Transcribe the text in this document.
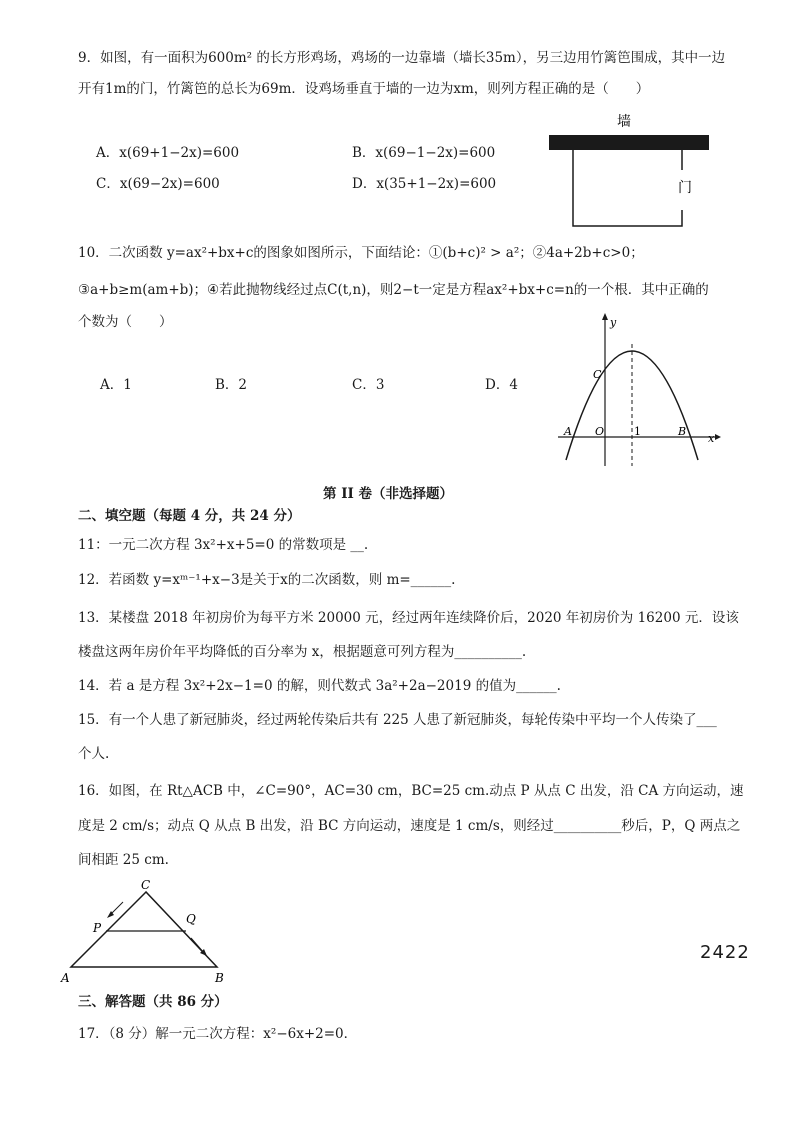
9．如图，有一面积为600m² 的长方形鸡场，鸡场的一边靠墙（墙长35m），另三边用竹篱笆围成，其中一边
开有1m的门，竹篱笆的总长为69m．设鸡场垂直于墙的一边为xm，则列方程正确的是（　　）
A．x(69+1−2x)=600	B．x(69−1−2x)=600
C．x(69−2x)=600	D．x(35+1−2x)=600
墙
门
10．二次函数 y=ax²+bx+c的图象如图所示，下面结论：①(b+c)² > a²；②4a+2b+c>0；
③a+b≥m(am+b)；④若此抛物线经过点C(t,n)，则2−t一定是方程ax²+bx+c=n的一个根．其中正确的
个数为（　　）
A．1	B．2	C．3	D．4
y
x
C
A O	1	B
第 II 卷（非选择题）
二、填空题（每题 4 分，共 24 分）
11：一元二次方程 3x²+x+5=0 的常数项是 __.
12．若函数 y=xᵐ⁻¹+x−3是关于x的二次函数，则 m=______.
13．某楼盘 2018 年初房价为每平方米 20000 元，经过两年连续降价后，2020 年初房价为 16200 元．设该
楼盘这两年房价年平均降低的百分率为 x，根据题意可列方程为__________.
14．若 a 是方程 3x²+2x−1=0 的解，则代数式 3a²+2a−2019 的值为______.
15．有一个人患了新冠肺炎，经过两轮传染后共有 225 人患了新冠肺炎，每轮传染中平均一个人传染了___
个人.
16．如图，在 Rt△ACB 中，∠C=90°，AC=30 cm，BC=25 cm.动点 P 从点 C 出发，沿 CA 方向运动，速
度是 2 cm/s；动点 Q 从点 B 出发，沿 BC 方向运动，速度是 1 cm/s，则经过__________秒后，P，Q 两点之
间相距 25 cm.
C
P
Q
A	B
2422
三、解答题（共 86 分）
17．（8 分）解一元二次方程：x²−6x+2=0．
